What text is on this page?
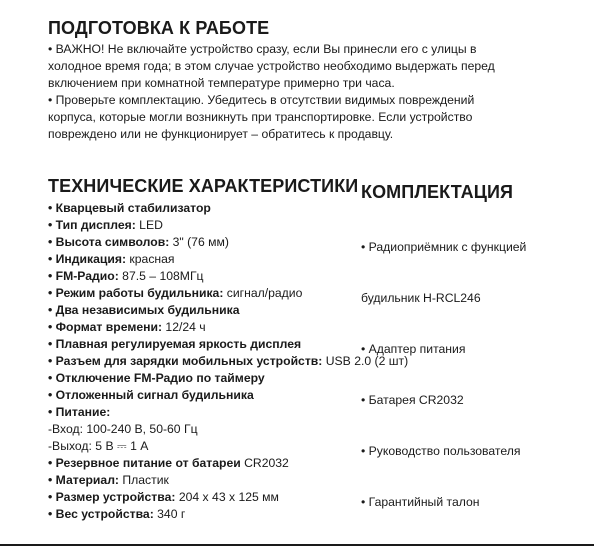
ПОДГОТОВКА К РАБОТЕ
• ВАЖНО! Не включайте устройство сразу, если Вы принесли его с улицы в
холодное время года; в этом случае устройство необходимо выдержать перед
включением при комнатной температуре примерно три часа.
• Проверьте комплектацию. Убедитесь в отсутствии видимых повреждений
корпуса, которые могли возникнуть при транспортировке. Если устройство
повреждено или не функционирует – обратитесь к продавцу.
ТЕХНИЧЕСКИЕ ХАРАКТЕРИСТИКИ
• Кварцевый стабилизатор
• Тип дисплея: LED
• Высота символов: 3" (76 мм)
• Индикация: красная
• FM-Радио: 87.5 – 108МГц
• Режим работы будильника: сигнал/радио
• Два независимых будильника
• Формат времени: 12/24 ч
• Плавная регулируемая яркость дисплея
• Разъем для зарядки мобильных устройств: USB 2.0 (2 шт)
• Отключение FM-Радио по таймеру
• Отложенный сигнал будильника
• Питание:
-Вход: 100-240 В, 50-60 Гц
-Выход: 5 В ⎓ 1 А
• Резервное питание от батареи CR2032
• Материал: Пластик
• Размер устройства: 204 x 43 x 125 мм
• Вес устройства: 340 г
КОМПЛЕКТАЦИЯ

• Радиоприёмник с функцией

будильник H-RCL246

• Адаптер питания

• Батарея CR2032

• Руководство пользователя

• Гарантийный талон
